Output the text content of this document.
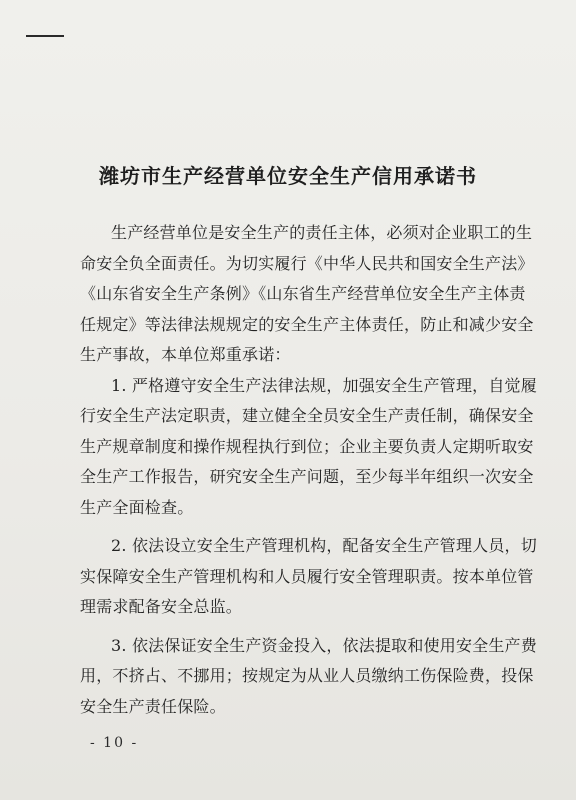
潍坊市生产经营单位安全生产信用承诺书
生产经营单位是安全生产的责任主体，必须对企业职工的生
命安全负全面责任。为切实履行《中华人民共和国安全生产法》
《山东省安全生产条例》《山东省生产经营单位安全生产主体责
任规定》等法律法规规定的安全生产主体责任，防止和减少安全
生产事故，本单位郑重承诺：
1. 严格遵守安全生产法律法规，加强安全生产管理，自觉履
行安全生产法定职责，建立健全全员安全生产责任制，确保安全
生产规章制度和操作规程执行到位；企业主要负责人定期听取安
全生产工作报告，研究安全生产问题，至少每半年组织一次安全
生产全面检查。
2. 依法设立安全生产管理机构，配备安全生产管理人员，切
实保障安全生产管理机构和人员履行安全管理职责。按本单位管
理需求配备安全总监。
3. 依法保证安全生产资金投入，依法提取和使用安全生产费
用，不挤占、不挪用；按规定为从业人员缴纳工伤保险费，投保
安全生产责任保险。
- 10 -
